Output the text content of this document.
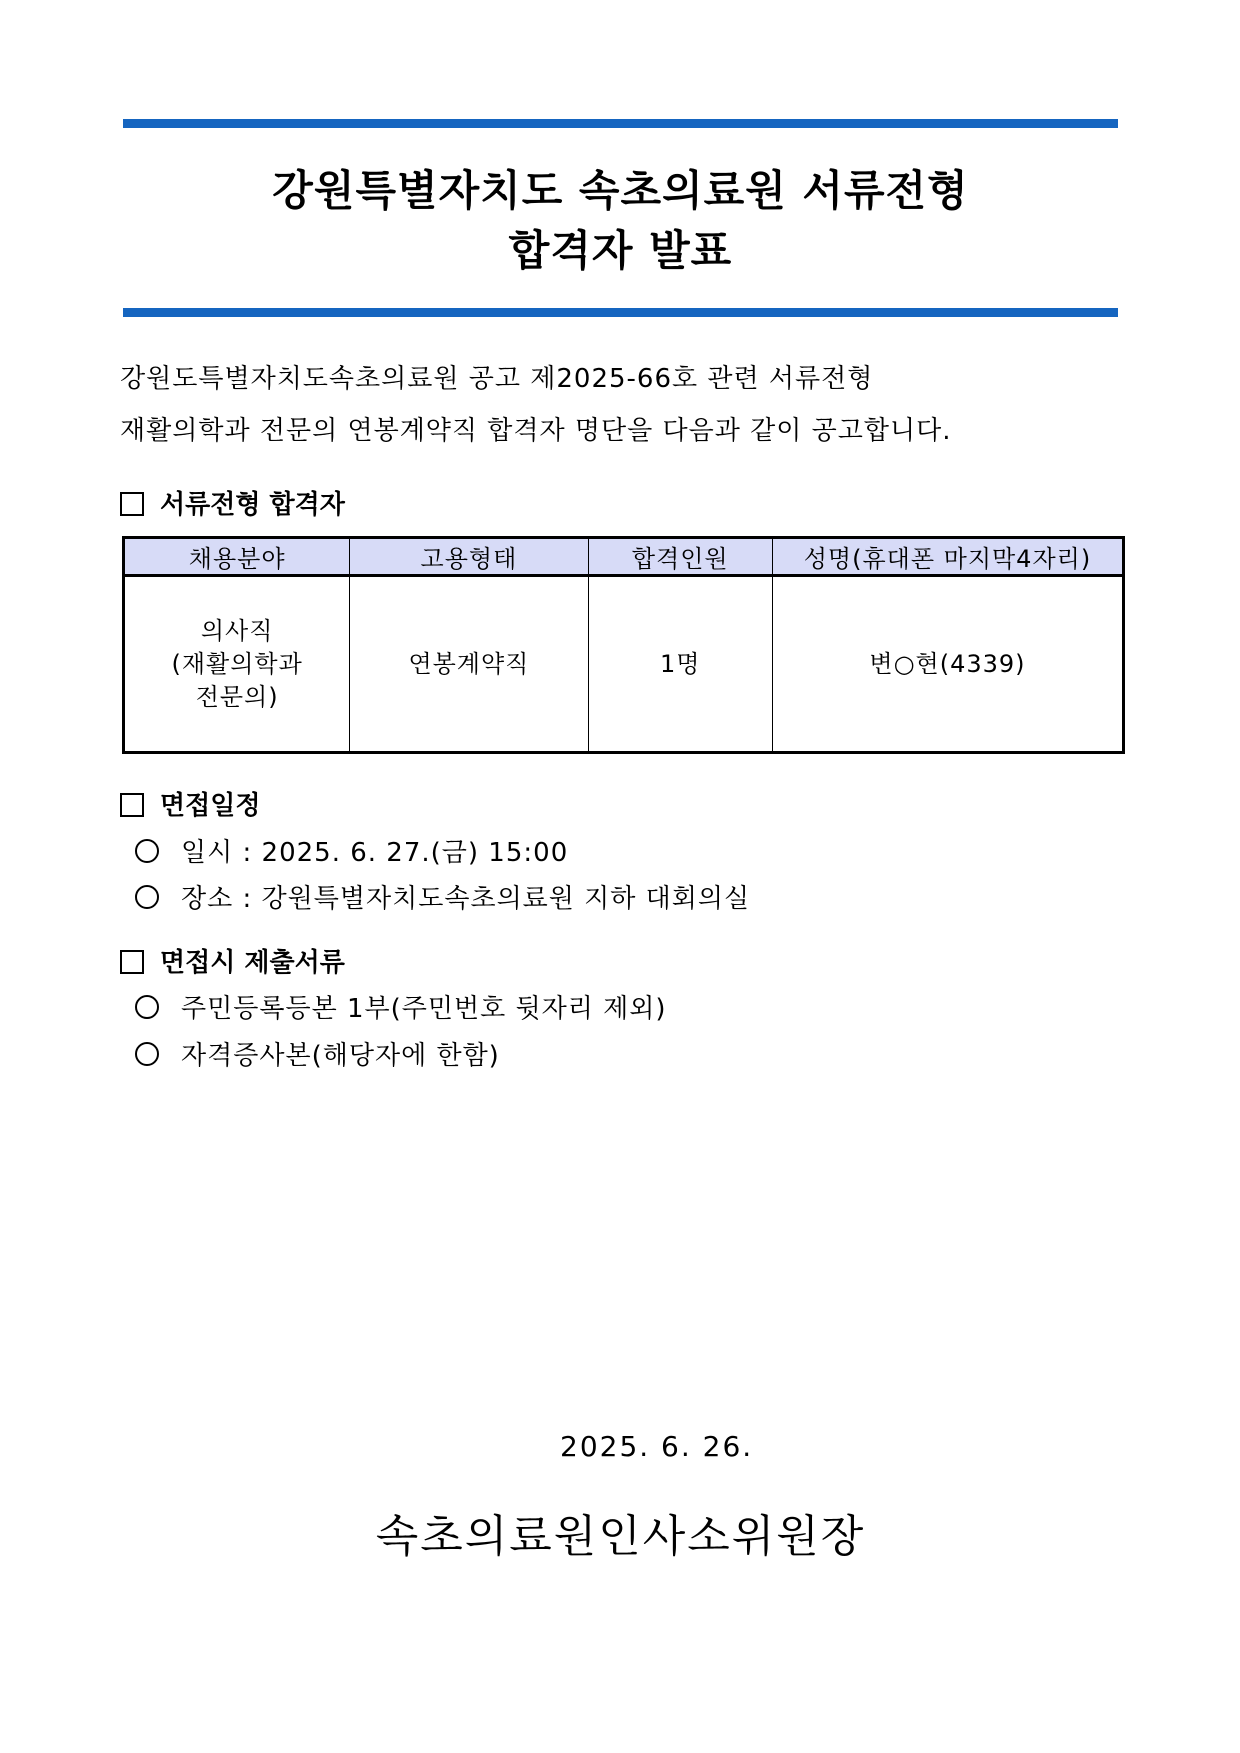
강원특별자치도 속초의료원 서류전형
합격자 발표
강원도특별자치도속초의료원 공고 제2025-66호 관련 서류전형
재활의학과 전문의 연봉계약직 합격자 명단을 다음과 같이 공고합니다.
서류전형 합격자
채용분야	고용형태	합격인원	성명(휴대폰 마지막4자리)

의사직
(재활의학과
전문의)	연봉계약직	1명	변○현(4339)
면접일정
일시 : 2025. 6. 27.(금) 15:00
장소 : 강원특별자치도속초의료원 지하 대회의실
면접시 제출서류
주민등록등본 1부(주민번호 뒷자리 제외)
자격증사본(해당자에 한함)
2025. 6. 26.
속초의료원인사소위원장
